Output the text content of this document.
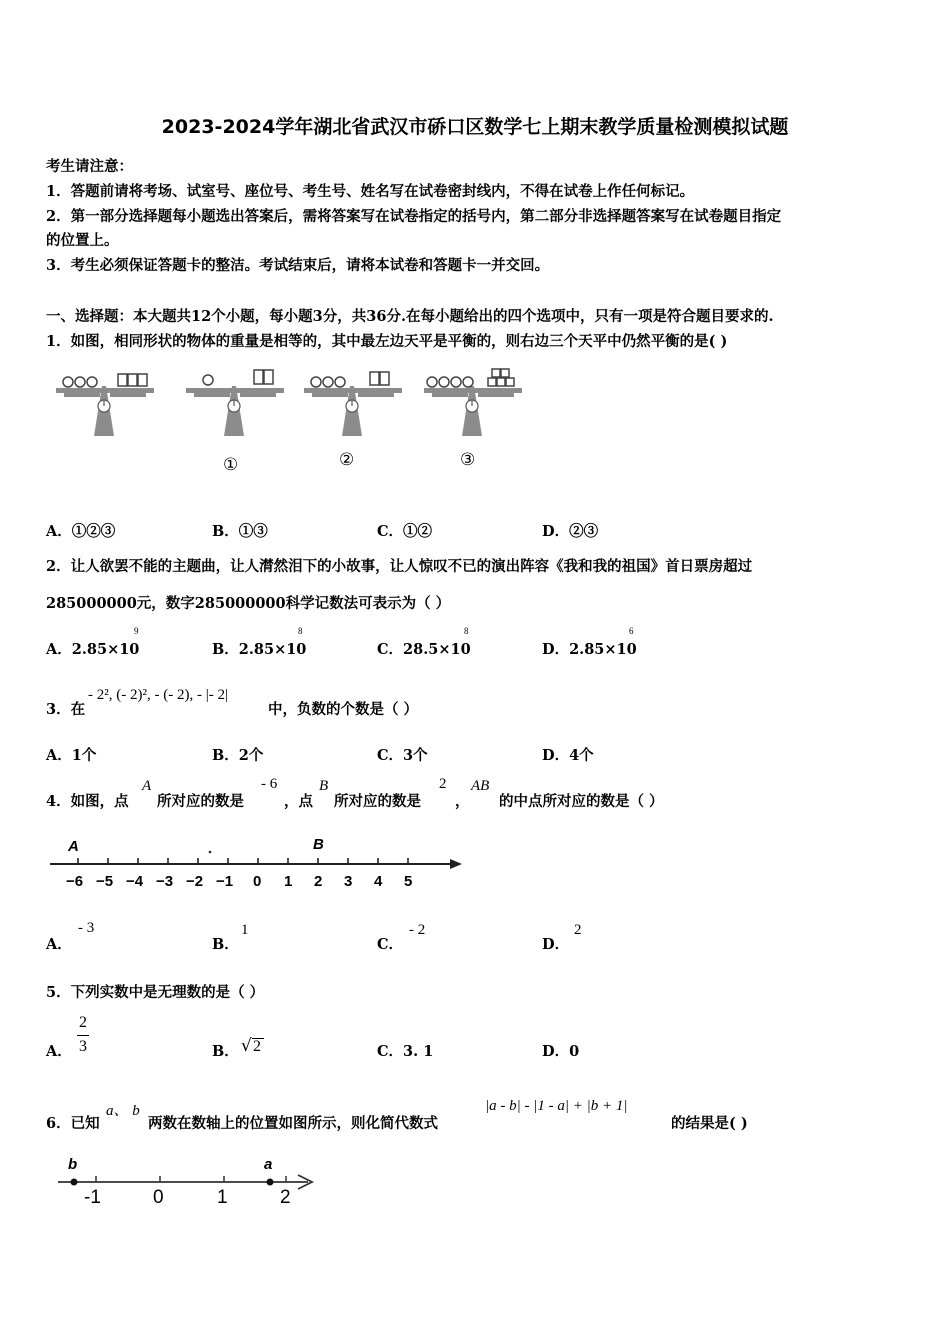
2023-2024学年湖北省武汉市硚口区数学七上期末教学质量检测模拟试题
考生请注意：
1．答题前请将考场、试室号、座位号、考生号、姓名写在试卷密封线内，不得在试卷上作任何标记。
2．第一部分选择题每小题选出答案后，需将答案写在试卷指定的括号内，第二部分非选择题答案写在试卷题目指定
的位置上。
3．考生必须保证答题卡的整洁。考试结束后，请将本试卷和答题卡一并交回。
一、选择题：本大题共12个小题，每小题3分，共36分.在每小题给出的四个选项中，只有一项是符合题目要求的.
1．如图，相同形状的物体的重量是相等的，其中最左边天平是平衡的，则右边三个天平中仍然平衡的是( )
①	②	③
A．①②③	B．①③	C．①②	D．②③
2．让人欲罢不能的主题曲，让人潸然泪下的小故事，让人惊叹不已的演出阵容《我和我的祖国》首日票房超过
285000000元，数字285000000科学记数法可表示为（ ）
A．2.85×10
9
B．2.85×10
8
C．28.5×10
8
D．2.85×10
6
3．在
- 2², (- 2)², - (- 2), - |- 2|
中，负数的个数是（ ）
A．1个	B．2个	C．3个	D．4个
4．如图，点
A
所对应的数是
- 6
，点
B
所对应的数是
2
，
AB
的中点所对应的数是（ ）
A	B
−6 −5 −4 −3 −2 −1 0 1 2 3 4 5
A．
- 3
B．
1
C．
- 2
D．
2
5．下列实数中是无理数的是（ ）
A．
2
3	B． √ 2	C．3. 1	D．0
6．已知
a、 b
两数在数轴上的位置如图所示，则化简代数式
|a - b| - |1 - a| + |b + 1|
的结果是( )
b	a
-1	0	1	2
